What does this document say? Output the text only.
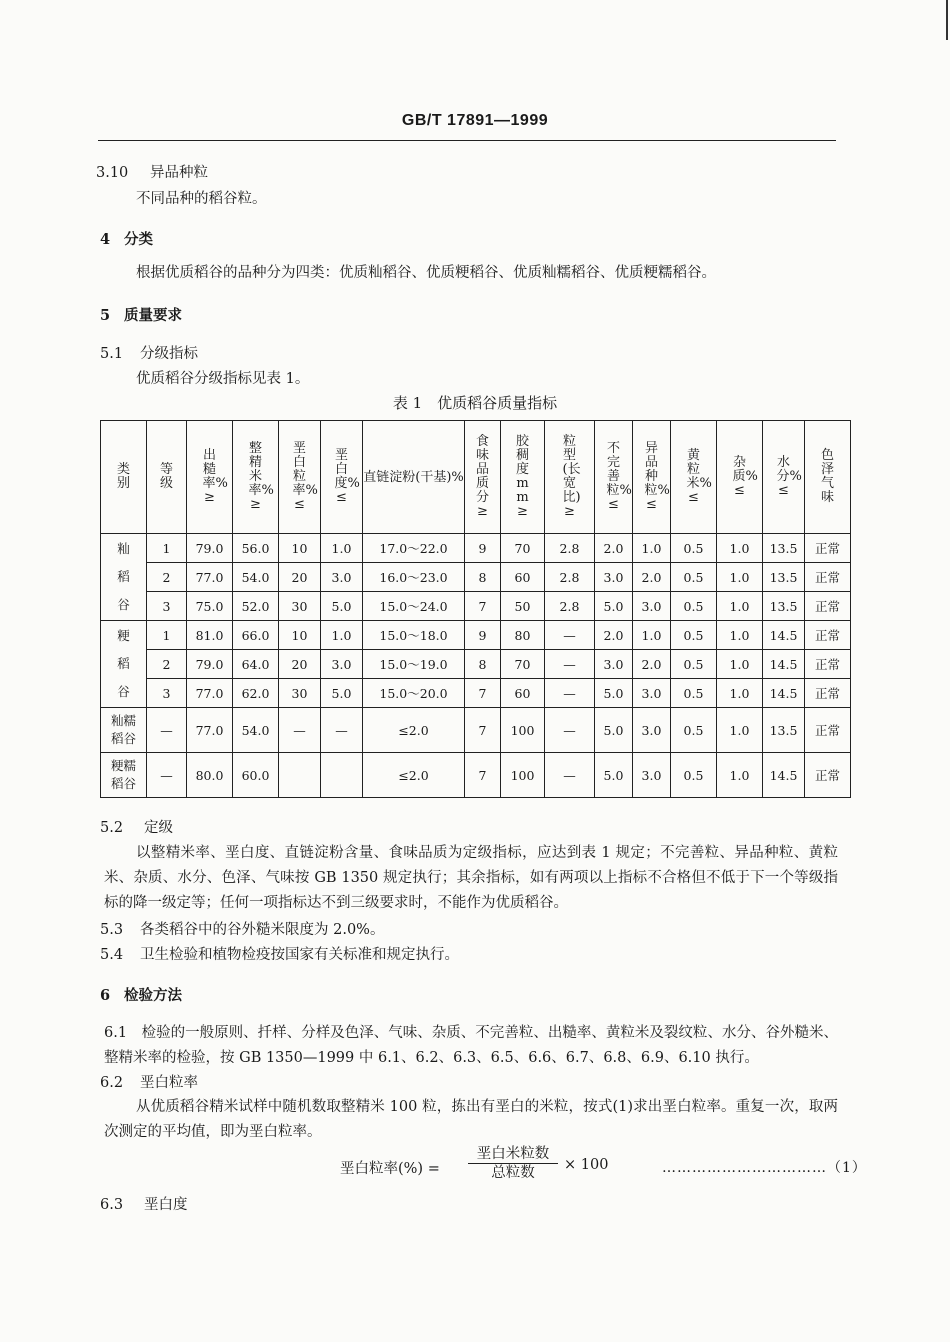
GB/T 17891—1999
3.10 异品种粒
不同品种的稻谷粒。
4 分类
根据优质稻谷的品种分为四类：优质籼稻谷、优质粳稻谷、优质籼糯稻谷、优质粳糯稻谷。
5 质量要求
5.1 分级指标
优质稻谷分级指标见表 1。
表 1　优质稻谷质量指标
类别	等级	出糙率%≥	整精米率%≥	垩白粒率%≤	垩白度%≤	直链淀粉(干基)%	食味品质分≥	胶稠度mm≥	粒型(长宽比)≥	不完善粒%≤	异品种粒%≤	黄粒米%≤	杂质%≤	水分%≤	色泽气味
籼稻谷	1	79.0	56.0	10	1.0	17.0～22.0	9	70	2.8	2.0	1.0	0.5	1.0	13.5	正常
	2	77.0	54.0	20	3.0	16.0～23.0	8	60	2.8	3.0	2.0	0.5	1.0	13.5	正常
	3	75.0	52.0	30	5.0	15.0～24.0	7	50	2.8	5.0	3.0	0.5	1.0	13.5	正常
粳稻谷	1	81.0	66.0	10	1.0	15.0～18.0	9	80	—	2.0	1.0	0.5	1.0	14.5	正常
	2	79.0	64.0	20	3.0	15.0～19.0	8	70	—	3.0	2.0	0.5	1.0	14.5	正常
	3	77.0	62.0	30	5.0	15.0～20.0	7	60	—	5.0	3.0	0.5	1.0	14.5	正常
籼糯稻谷	—	77.0	54.0	—	—	≤2.0	7	100	—	5.0	3.0	0.5	1.0	13.5	正常
粳糯稻谷	—	80.0	60.0			≤2.0	7	100	—	5.0	3.0	0.5	1.0	14.5	正常
5.2 定级
以整精米率、垩白度、直链淀粉含量、食味品质为定级指标，应达到表 1 规定；不完善粒、异品种粒、黄粒米、杂质、水分、色泽、气味按 GB 1350 规定执行；其余指标，如有两项以上指标不合格但不低于下一个等级指标的降一级定等；任何一项指标达不到三级要求时，不能作为优质稻谷。
5.3 各类稻谷中的谷外糙米限度为 2.0%。
5.4 卫生检验和植物检疫按国家有关标准和规定执行。
6 检验方法
6.1　 检验的一般原则、扦样、分样及色泽、气味、杂质、不完善粒、出糙率、黄粒米及裂纹粒、水分、谷外糙米、整精米率的检验，按 GB 1350—1999 中 6.1、6.2、6.3、6.5、6.6、6.7、6.8、6.9、6.10 执行。
6.2 垩白粒率
从优质稻谷精米试样中随机数取整精米 100 粒，拣出有垩白的米粒，按式(1)求出垩白粒率。重复一次，取两次测定的平均值，即为垩白粒率。
垩白粒率(%) =
垩白米粒数
总粒数	× 100	……………………………（1）
6.3 垩白度
